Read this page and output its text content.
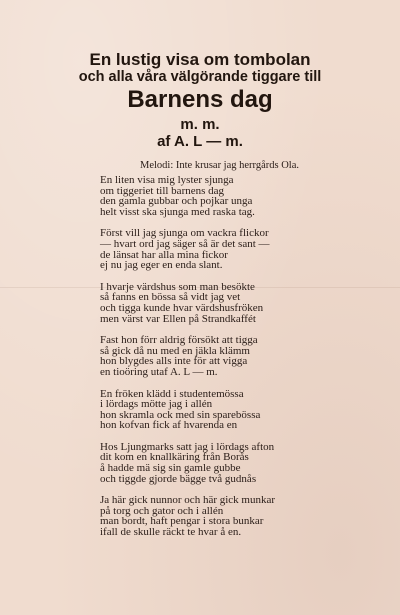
En lustig visa om tombolan
och alla våra välgörande tiggare till
Barnens dag
m. m.
af A. L — m.
Melodi: Inte krusar jag herrgårds Ola.
En liten visa mig lyster sjunga
om tiggeriet till barnens dag
den gamla gubbar och pojkar unga
helt visst ska sjunga med raska tag.
Först vill jag sjunga om vackra flickor
— hvart ord jag säger så är det sant —
de länsat har alla mina fickor
ej nu jag eger en enda slant.
I hvarje värdshus som man besökte
så fanns en bössa så vidt jag vet
och tigga kunde hvar värdshusfröken
men värst var Ellen på Strandkaffét
Fast hon förr aldrig försökt att tigga
så gick då nu med en jäkla klämm
hon blygdes alls inte för att vigga
en tioöring utaf A. L — m.
En fröken klädd i studentemössa
i lördags mötte jag i allén
hon skramla ock med sin sparebössa
hon kofvan fick af hvarenda en
Hos Ljungmarks satt jag i lördags afton
dit kom en knallkäring från Borås
å hadde mä sig sin gamle gubbe
och tiggde gjorde bägge två gudnås
Ja här gick nunnor och här gick munkar
på torg och gator och i allén
man bordt, haft pengar i stora bunkar
ifall de skulle räckt te hvar å en.
